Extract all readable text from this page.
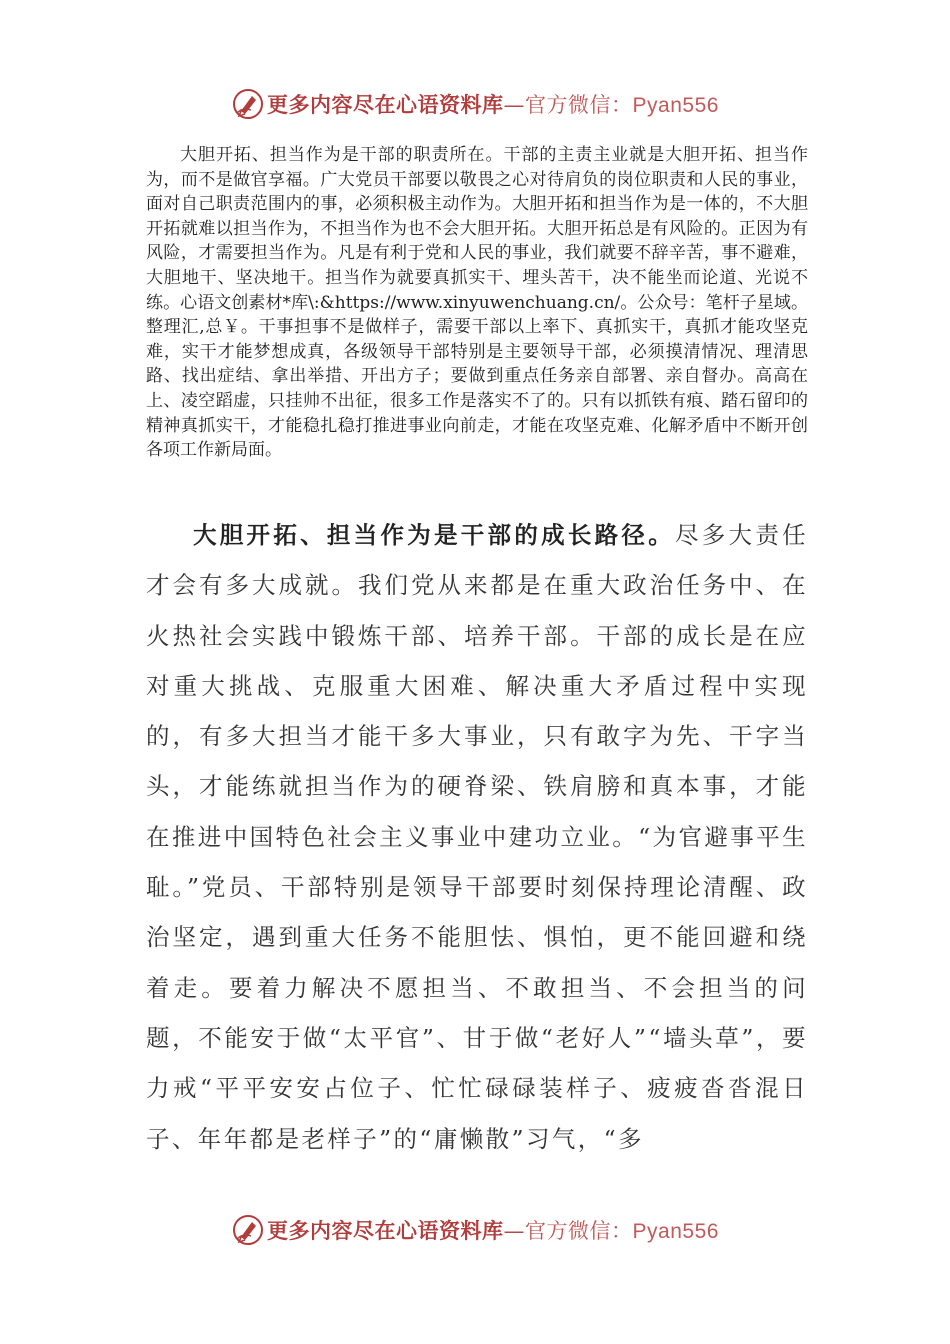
更多内容尽在心语资料库—官方微信：Pyan556

大胆开拓、担当作为是干部的职责所在。干部的主责主业就是大胆开拓、担当作为，而不是做官享福。广大党员干部要以敬畏之心对待肩负的岗位职责和人民的事业，面对自己职责范围内的事，必须积极主动作为。大胆开拓和担当作为是一体的，不大胆开拓就难以担当作为，不担当作为也不会大胆开拓。大胆开拓总是有风险的。正因为有风险，才需要担当作为。凡是有利于党和人民的事业，我们就要不辞辛苦，事不避难，大胆地干、坚决地干。担当作为就要真抓实干、埋头苦干，决不能坐而论道、光说不练。心语文创素材*库\:&https://www.xinyuwenchuang.cn/。公众号：笔杆子星域。整理汇,总￥。干事担事不是做样子，需要干部以上率下、真抓实干，真抓才能攻坚克难，实干才能梦想成真，各级领导干部特别是主要领导干部，必须摸清情况、理清思路、找出症结、拿出举措、开出方子；要做到重点任务亲自部署、亲自督办。高高在上、凌空蹈虚，只挂帅不出征，很多工作是落实不了的。只有以抓铁有痕、踏石留印的精神真抓实干，才能稳扎稳打推进事业向前走，才能在攻坚克难、化解矛盾中不断开创各项工作新局面。

大胆开拓、担当作为是干部的成长路径。尽多大责任才会有多大成就。我们党从来都是在重大政治任务中、在火热社会实践中锻炼干部、培养干部。干部的成长是在应对重大挑战、克服重大困难、解决重大矛盾过程中实现的，有多大担当才能干多大事业，只有敢字为先、干字当头，才能练就担当作为的硬脊梁、铁肩膀和真本事，才能在推进中国特色社会主义事业中建功立业。“为官避事平生耻。”党员、干部特别是领导干部要时刻保持理论清醒、政治坚定，遇到重大任务不能胆怯、惧怕，更不能回避和绕着走。要着力解决不愿担当、不敢担当、不会担当的问题，不能安于做“太平官”、甘于做“老好人”“墙头草”，要力戒“平平安安占位子、忙忙碌碌装样子、疲疲沓沓混日子、年年都是老样子”的“庸懒散”习气，“多

更多内容尽在心语资料库—官方微信：Pyan556
